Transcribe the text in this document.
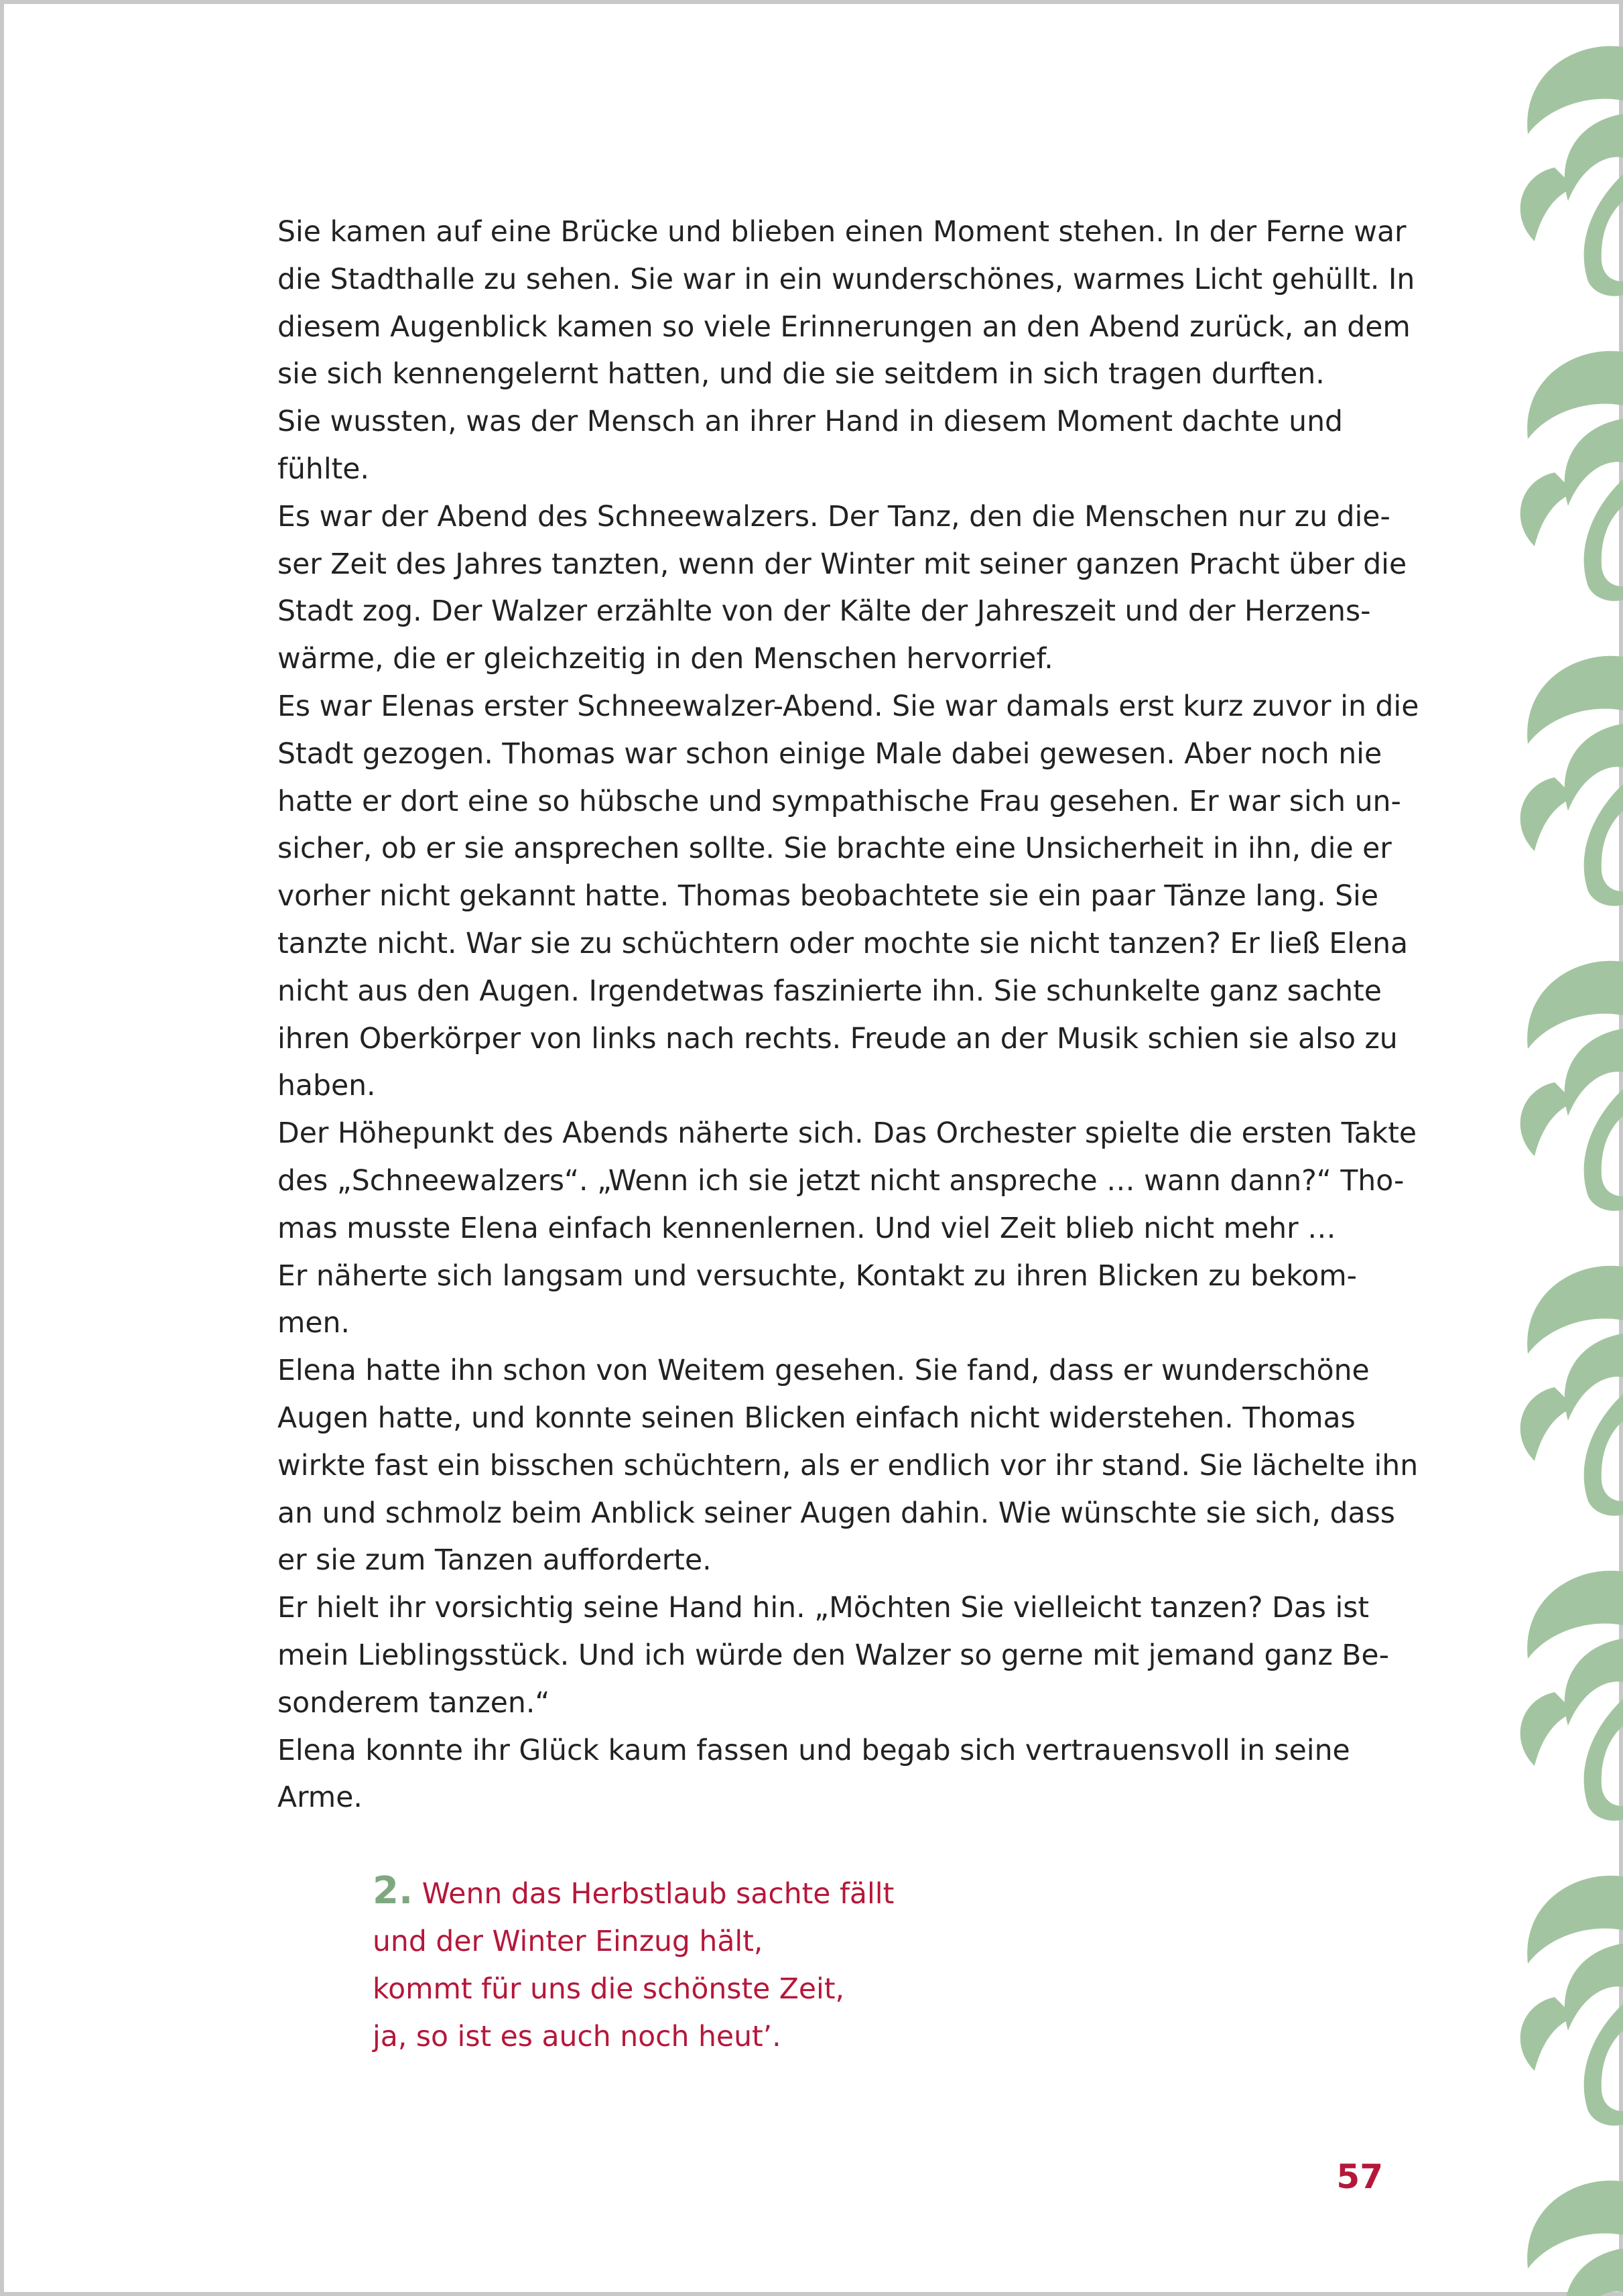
Sie kamen auf eine Brücke und blieben einen Moment stehen. In der Ferne war

die Stadthalle zu sehen. Sie war in ein wunderschönes, warmes Licht gehüllt. In

diesem Augenblick kamen so viele Erinnerungen an den Abend zurück, an dem

sie sich kennengelernt hatten, und die sie seitdem in sich tragen durften.

Sie wussten, was der Mensch an ihrer Hand in diesem Moment dachte und

fühlte.

Es war der Abend des Schneewalzers. Der Tanz, den die Menschen nur zu die-

ser Zeit des Jahres tanzten, wenn der Winter mit seiner ganzen Pracht über die

Stadt zog. Der Walzer erzählte von der Kälte der Jahreszeit und der Herzens-

wärme, die er gleichzeitig in den Menschen hervorrief.

Es war Elenas erster Schneewalzer-Abend. Sie war damals erst kurz zuvor in die

Stadt gezogen. Thomas war schon einige Male dabei gewesen. Aber noch nie

hatte er dort eine so hübsche und sympathische Frau gesehen. Er war sich un-

sicher, ob er sie ansprechen sollte. Sie brachte eine Unsicherheit in ihn, die er

vorher nicht gekannt hatte. Thomas beobachtete sie ein paar Tänze lang. Sie

tanzte nicht. War sie zu schüchtern oder mochte sie nicht tanzen? Er ließ Elena

nicht aus den Augen. Irgendetwas faszinierte ihn. Sie schunkelte ganz sachte

ihren Oberkörper von links nach rechts. Freude an der Musik schien sie also zu

haben.

Der Höhepunkt des Abends näherte sich. Das Orchester spielte die ersten Takte

des „Schneewalzers“. „Wenn ich sie jetzt nicht anspreche … wann dann?“ Tho-

mas musste Elena einfach kennenlernen. Und viel Zeit blieb nicht mehr …

Er näherte sich langsam und versuchte, Kontakt zu ihren Blicken zu bekom-

men.

Elena hatte ihn schon von Weitem gesehen. Sie fand, dass er wunderschöne

Augen hatte, und konnte seinen Blicken einfach nicht widerstehen. Thomas

wirkte fast ein bisschen schüchtern, als er endlich vor ihr stand. Sie lächelte ihn

an und schmolz beim Anblick seiner Augen dahin. Wie wünschte sie sich, dass

er sie zum Tanzen aufforderte.

Er hielt ihr vorsichtig seine Hand hin. „Möchten Sie vielleicht tanzen? Das ist

mein Lieblingsstück. Und ich würde den Walzer so gerne mit jemand ganz Be-

sonderem tanzen.“

Elena konnte ihr Glück kaum fassen und begab sich vertrauensvoll in seine

Arme.

2. Wenn das Herbstlaub sachte fällt

und der Winter Einzug hält,

kommt für uns die schönste Zeit,

ja, so ist es auch noch heut’.

57
